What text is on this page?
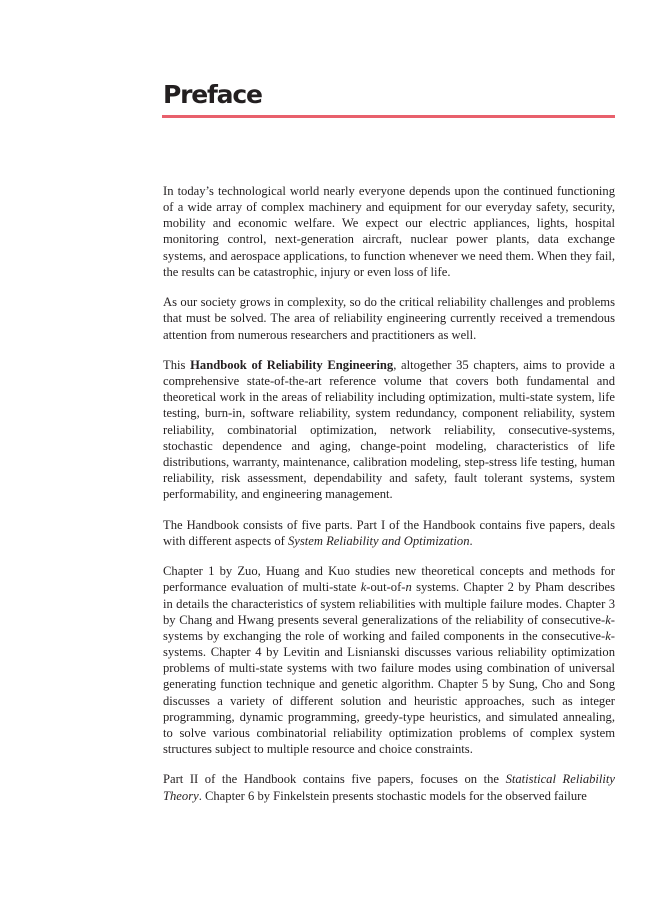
Preface

In today’s technological world nearly everyone depends upon the continued functioning of a wide array of complex machinery and equipment for our everyday safety, security, mobility and economic welfare. We expect our electric appliances, lights, hospital monitoring control, next-generation aircraft, nuclear power plants, data exchange systems, and aerospace applications, to function whenever we need them. When they fail, the results can be catastrophic, injury or even loss of life.

As our society grows in complexity, so do the critical reliability challenges and problems that must be solved. The area of reliability engineering currently received a tremendous attention from numerous researchers and practitioners as well.

This Handbook of Reliability Engineering, altogether 35 chapters, aims to provide a comprehensive state-of-the-art reference volume that covers both fundamental and theoretical work in the areas of reliability including optimization, multi-state system, life testing, burn-in, software reliability, system redundancy, component reliability, system reliability, combinatorial optimization, network reliability, consecutive-systems, stochastic dependence and aging, change-point modeling, characteristics of life distributions, warranty, maintenance, calibration modeling, step-stress life testing, human reliability, risk assessment, dependability and safety, fault tolerant systems, system performability, and engineering management.

The Handbook consists of five parts. Part I of the Handbook contains five papers, deals with different aspects of System Reliability and Optimization.

Chapter 1 by Zuo, Huang and Kuo studies new theoretical concepts and methods for performance evaluation of multi-state k-out-of-n systems. Chapter 2 by Pham describes in details the characteristics of system reliabilities with multiple failure modes. Chapter 3 by Chang and Hwang presents several generalizations of the reliability of consecutive-k-systems by exchanging the role of working and failed components in the consecutive-k-systems. Chapter 4 by Levitin and Lisnianski discusses various reliability optimization problems of multi-state systems with two failure modes using combination of universal generating function technique and genetic algorithm. Chapter 5 by Sung, Cho and Song discusses a variety of different solution and heuristic approaches, such as integer programming, dynamic programming, greedy-type heuristics, and simulated annealing, to solve various combinatorial reliability optimization problems of complex system structures subject to multiple resource and choice constraints.

Part II of the Handbook contains five papers, focuses on the Statistical Reliability Theory. Chapter 6 by Finkelstein presents stochastic models for the observed failure
